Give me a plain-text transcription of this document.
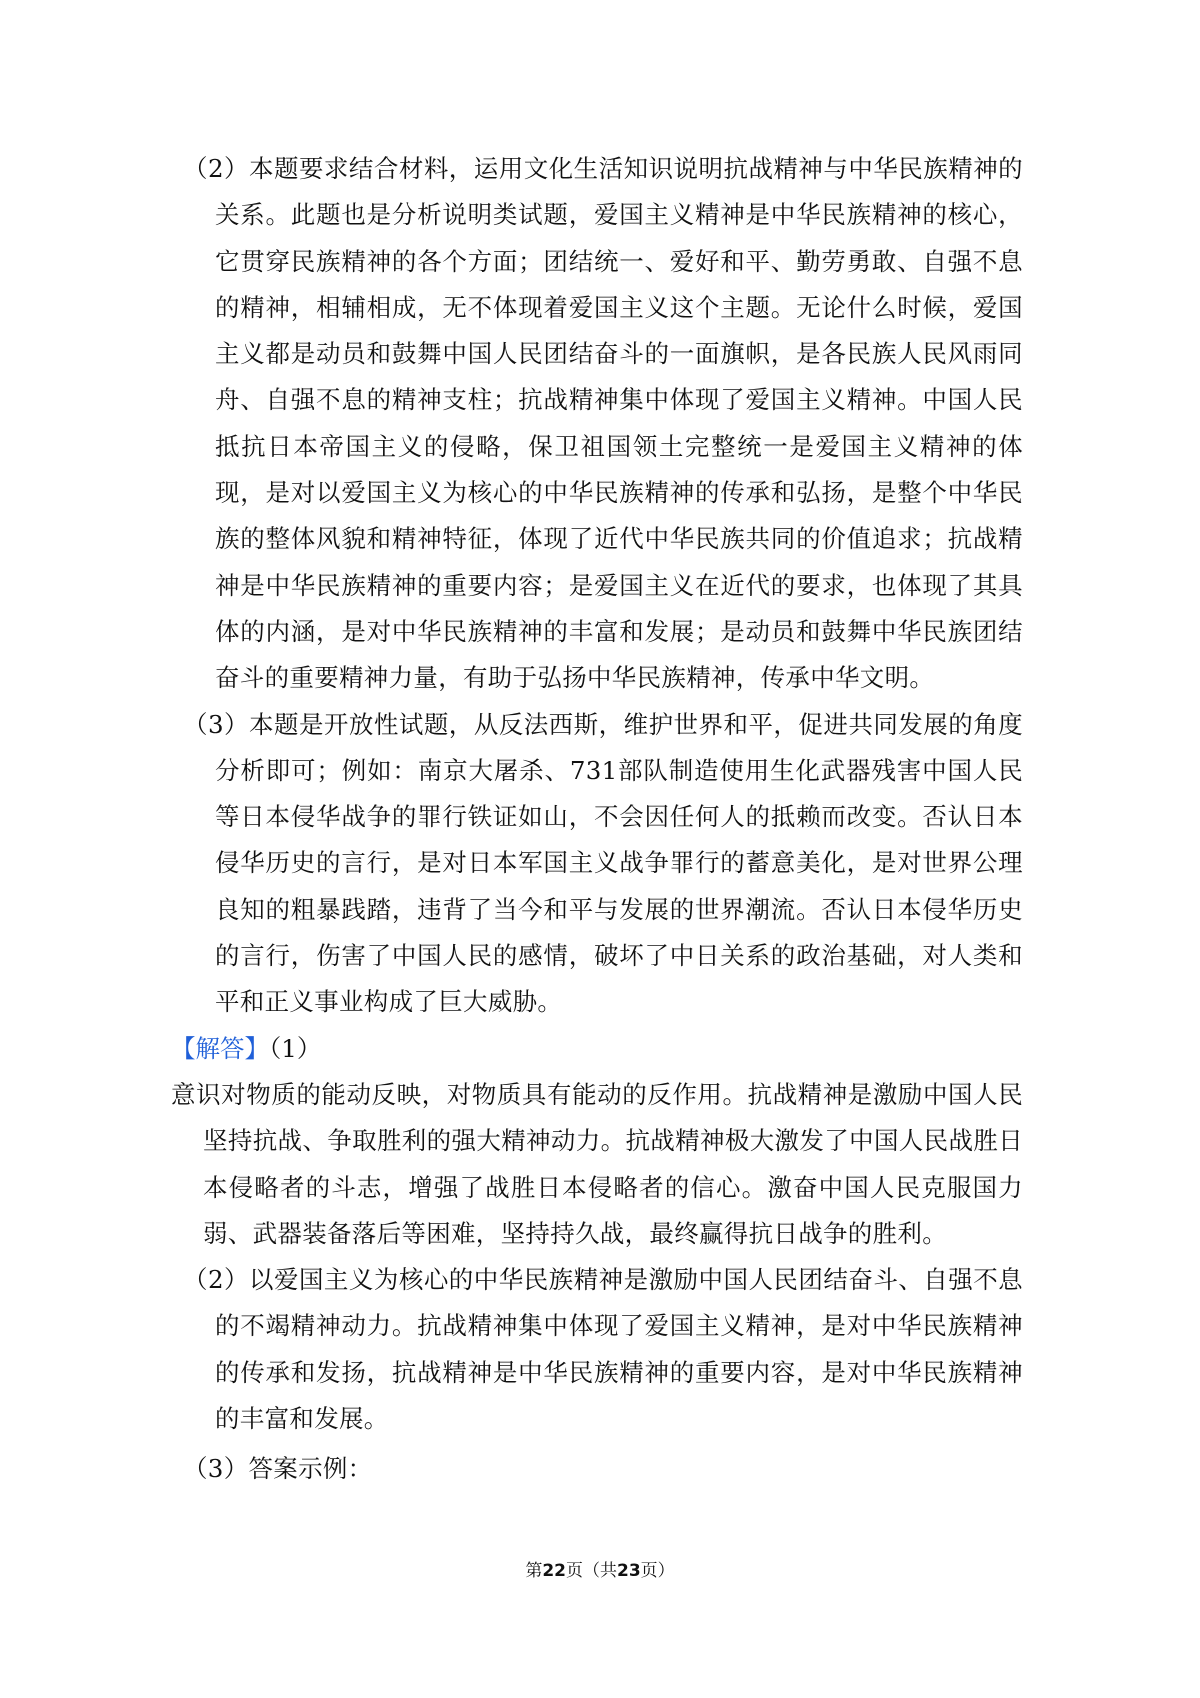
（2）本题要求结合材料，运用文化生活知识说明抗战精神与中华民族精神的关系。此题也是分析说明类试题，爱国主义精神是中华民族精神的核心，它贯穿民族精神的各个方面；团结统一、爱好和平、勤劳勇敢、自强不息的精神，相辅相成，无不体现着爱国主义这个主题。无论什么时候，爱国主义都是动员和鼓舞中国人民团结奋斗的一面旗帜，是各民族人民风雨同舟、自强不息的精神支柱；抗战精神集中体现了爱国主义精神。中国人民抵抗日本帝国主义的侵略，保卫祖国领土完整统一是爱国主义精神的体现，是对以爱国主义为核心的中华民族精神的传承和弘扬，是整个中华民族的整体风貌和精神特征，体现了近代中华民族共同的价值追求；抗战精神是中华民族精神的重要内容；是爱国主义在近代的要求，也体现了其具体的内涵，是对中华民族精神的丰富和发展；是动员和鼓舞中华民族团结奋斗的重要精神力量，有助于弘扬中华民族精神，传承中华文明。

（3）本题是开放性试题，从反法西斯，维护世界和平，促进共同发展的角度分析即可；例如：南京大屠杀、731部队制造使用生化武器残害中国人民等日本侵华战争的罪行铁证如山，不会因任何人的抵赖而改变。否认日本侵华历史的言行，是对日本军国主义战争罪行的蓄意美化，是对世界公理良知的粗暴践踏，违背了当今和平与发展的世界潮流。否认日本侵华历史的言行，伤害了中国人民的感情，破坏了中日关系的政治基础，对人类和平和正义事业构成了巨大威胁。

【解答】（1）

意识对物质的能动反映，对物质具有能动的反作用。抗战精神是激励中国人民坚持抗战、争取胜利的强大精神动力。抗战精神极大激发了中国人民战胜日本侵略者的斗志，增强了战胜日本侵略者的信心。激奋中国人民克服国力弱、武器装备落后等困难，坚持持久战，最终赢得抗日战争的胜利。

（2）以爱国主义为核心的中华民族精神是激励中国人民团结奋斗、自强不息的不竭精神动力。抗战精神集中体现了爱国主义精神，是对中华民族精神的传承和发扬，抗战精神是中华民族精神的重要内容，是对中华民族精神的丰富和发展。

（3）答案示例：

第22页（共23页）
